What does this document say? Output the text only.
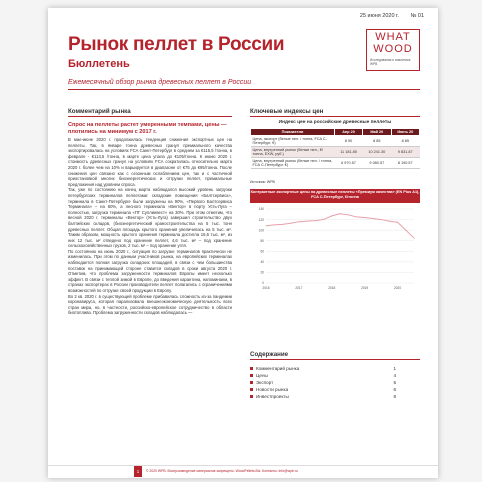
25 июня 2020 г. № 01
Рынок пеллет в России
Бюллетень
WHAT
WOOD
Исследования и аналитика WPB
Ежемесячный обзор рынка древесных пеллет в России
Комментарий рынка	Ключевые индексы цен
Спрос на пеллеты растет умеренными темпами, цены — плотились на минимум с 2017 г.

В мае-июне 2020 г. продолжилась тенденция снижения экспортных цен на пеллеты. Так, в январе тонна древесных гранул премиального качества экспортировалась на условиях FCA Санкт-Петербург в среднем за €115,5 /тонна, в феврале - €113,5 /тонна, в марте цена упала до €105/тонна. К июню 2020 г. стоимость древесных гранул на условиях FCA сократилась относительно марта 2020 г. более чем на 10% и варьируется в диапазоне от €75 до €95/тонна. После снижения цен связано как с сезонным ослаблением цен, так и с частичной приостановкой многих биоэнергетических и отгрузки пеллет, премиальные предложения над уровнем спроса.

Так, уже по состоянию на конец марта наблюдался высокий уровень загрузки петербургских терминалов пеллетами: складские помещения «Балтсервиса», терминала в Санкт-Петербурге были загружены на 90%, «Первого Балтсервиса Терминала» – на 60%, а лесного терминала «Вектор» в порту Усть-Луга – полностью, загрузка терминала «ПГ Суллинвест» на 30%. При этом отметим, что весной 2020 г. терминалы «Вектор» (Усть-Луга) завершил строительство двух балтийских складов, (биоэнергетический краностроительства на 5 тыс. тонн древесных пеллет. Общая площадь крытого хранения увеличилась на 5 тыс. м². Таким образом, мощность крытого хранения терминала достигла 16,6 тыс. м², из них 12 тыс. м² отведено под хранение пеллет, 4,6 тыс. м² – под хранение сельскохозяйственных грузов, 2 тыс. м² – под хранение угля.

По состоянию на июнь 2020 г., ситуация по загрузке терминалов практически не изменилась. При этом по данным участников рынка, на европейских терминалах наблюдается полная загрузка складских площадей, в связи с чем большинства поставок на принимающей стороне ставится складов в сроки августа 2020 г. Отметим, что проблема загруженности терминалов Европы имеет несколько эффект. В связи с теплой зимой в Европе, до введения карантина, напоминаем, в странах экспортерах в России производители пеллет полагались с ограничениями возможностей по отгрузке своей продукции в Европу.

Во 2 кв. 2020 г. в существующей проблеме прибавилась сложность из-за пандемии коронавируса, которая парализовала внешнеэкономическую деятельность всех стран мира, но, в частности, российско-европейское сотрудничество в области биотоплива. Проблема загруженности складов наблюдалась —

Индекс цен на российские древесные пеллеты
Показатели	Апр 20	Май 20	Июнь 20
Цена, экспорт (белые пел. / тонна, FCA С-Петербург, €)	8 90	8 85	8 85
Цена, внутренний рынок (белые пел., €/тонна, EXW, руб.)	11 181.85	10 241.30	9 831.87
Цена, внутренний рынок (белые пел. / тонна, FCA С-Петербург, €)	6 970.57	9 080.57	8 190.57
Источник: WPB
Контрактные экспортные цены на древесные пеллеты «Премиум качества» (EN Plus A1), FCA С-Петербург, €/тонна
0
20
40
60
80
100
120
140
2016	2017	2018	2019	2020
Содержание
Комментарий рынка	1
Цены	4
Экспорт	5
Новости рынка	6
Инвестпроекты	8
1	© 2020 WPB. Воспроизведение материалов запрещено. WoodPellets.Biz. Контакты: info@wpb.ru
